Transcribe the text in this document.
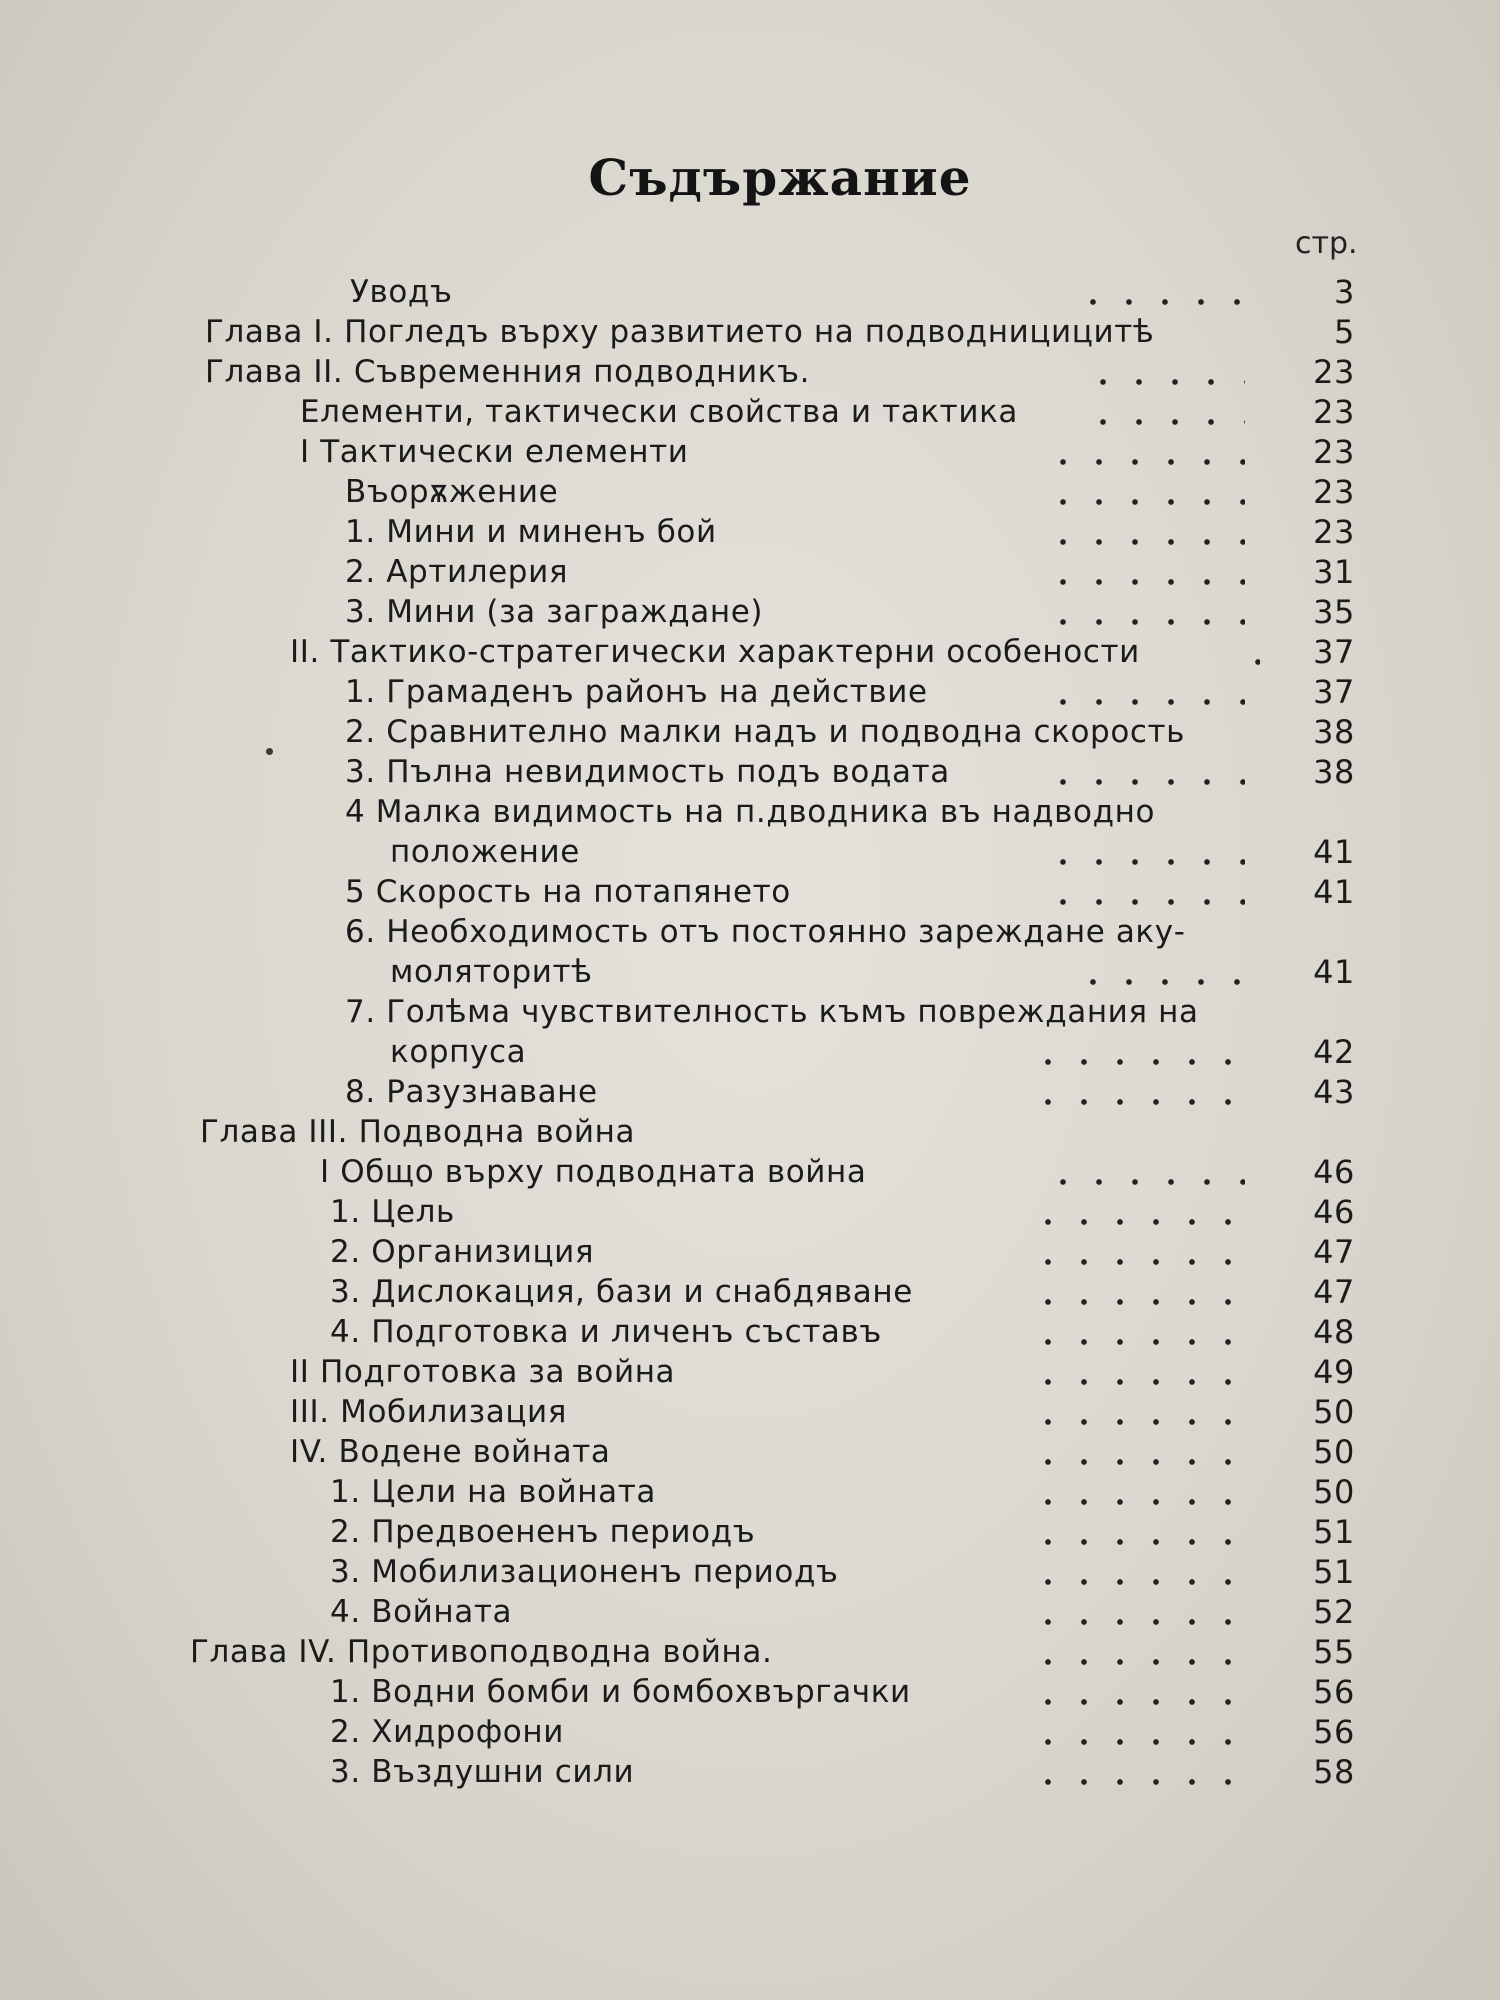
Съдържание
стр.
Уводъ	3
Глава I. Погледъ върху развитието на подводницицитѣ	5
Глава II. Съвременния подводникъ.	23
Елементи, тактически свойства и тактика	23
I Тактически елементи	23
Въорѫжение	23
1. Мини и миненъ бой	23
2. Артилерия	31
3. Мини (за заграждане)	35
II. Тактико-стратегически характерни особености	37
1. Грамаденъ районъ на действие	37
2. Сравнително малки надъ и подводна скорость	38
3. Пълна невидимость подъ водата	38
4 Малка видимость на п.дводника въ надводно
положение	41
5 Скорость на потапянето	41
6. Необходимость отъ постоянно зареждане аку-
моляторитѣ	41
7. Голѣма чувствителность къмъ повреждания на
корпуса	42
8. Разузнаване	43
Глава III. Подводна война
I Общо върху подводната война	46
1. Цель	46
2. Организиция	47
3. Дислокация, бази и снабдяване	47
4. Подготовка и личенъ съставъ	48
II Подготовка за война	49
III. Мобилизация	50
IV. Водене войната	50
1. Цели на войната	50
2. Предвоененъ периодъ	51
3. Мобилизационенъ периодъ	51
4. Войната	52
Глава IV. Противоподводна война.	55
1. Водни бомби и бомбохвъргачки	56
2. Хидрофони	56
3. Въздушни сили	58
